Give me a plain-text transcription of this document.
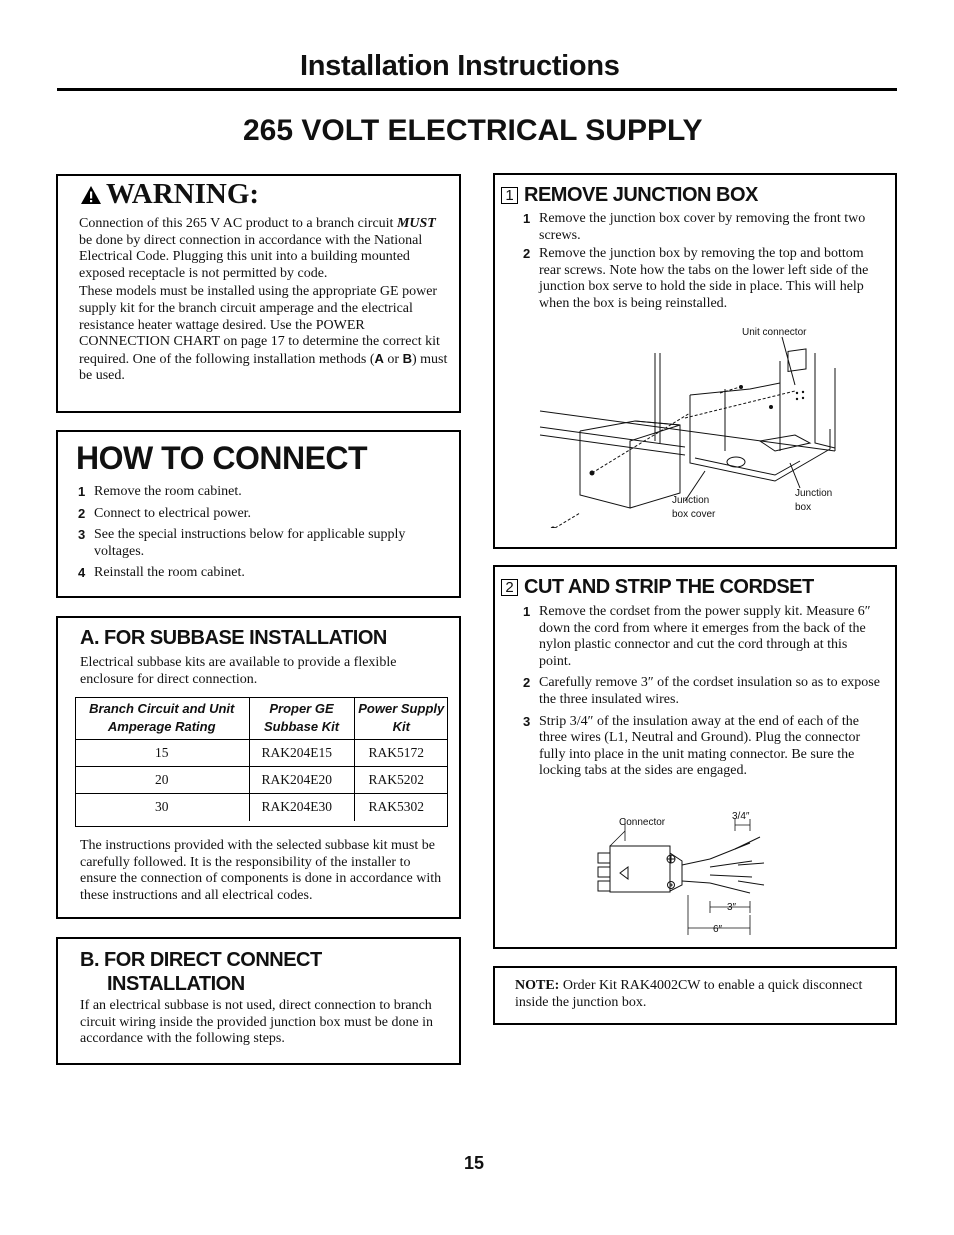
Installation Instructions
265 VOLT ELECTRICAL SUPPLY
WARNING:

Connection of this 265 V AC product to a branch circuit MUST be done by direct connection in accordance with the National Electrical Code. Plugging this unit into a building mounted exposed receptacle is not permitted by code.

These models must be installed using the appropriate GE power supply kit for the branch circuit amperage and the electrical resistance heater wattage desired. Use the POWER CONNECTION CHART on page 17 to determine the correct kit required. One of the following installation methods (A or B) must be used.

HOW TO CONNECT
1 Remove the room cabinet.
2 Connect to electrical power.
3 See the special instructions below for applicable supply voltages.
4 Reinstall the room cabinet.
A. FOR SUBBASE INSTALLATION
Electrical subbase kits are available to provide a flexible enclosure for direct connection.
Branch Circuit and Unit Amperage Rating	Proper GE Subbase Kit	Power Supply Kit
15	RAK204E15	RAK5172
20	RAK204E20	RAK5202
30	RAK204E30	RAK5302
The instructions provided with the selected subbase kit must be carefully followed. It is the responsibility of the installer to ensure the connection of components is done in accordance with these instructions and all electrical codes.
B. FOR DIRECT CONNECT
INSTALLATION
If an electrical subbase is not used, direct connection to branch circuit wiring inside the provided junction box must be done in accordance with the following steps.
1 REMOVE JUNCTION BOX
1 Remove the junction box cover by removing the front two screws.
2 Remove the junction box by removing the top and bottom rear screws. Note how the tabs on the lower left side of the junction box serve to hold the side in place. This will help when the box is being reinstalled.
Unit connector
Junction
box cover
Junction
box
2 CUT AND STRIP THE CORDSET
1 Remove the cordset from the power supply kit. Measure 6″ down the cord from where it emerges from the back of the nylon plastic connector and cut the cord through at this point.
2 Carefully remove 3″ of the cordset insulation so as to expose the three insulated wires.
3 Strip 3/4″ of the insulation away at the end of each of the three wires (L1, Neutral and Ground). Plug the connector fully into place in the unit mating connector. Be sure the locking tabs at the sides are engaged.
Connector
3/4″
3″
6″
NOTE: Order Kit RAK4002CW to enable a quick disconnect inside the junction box.
15
